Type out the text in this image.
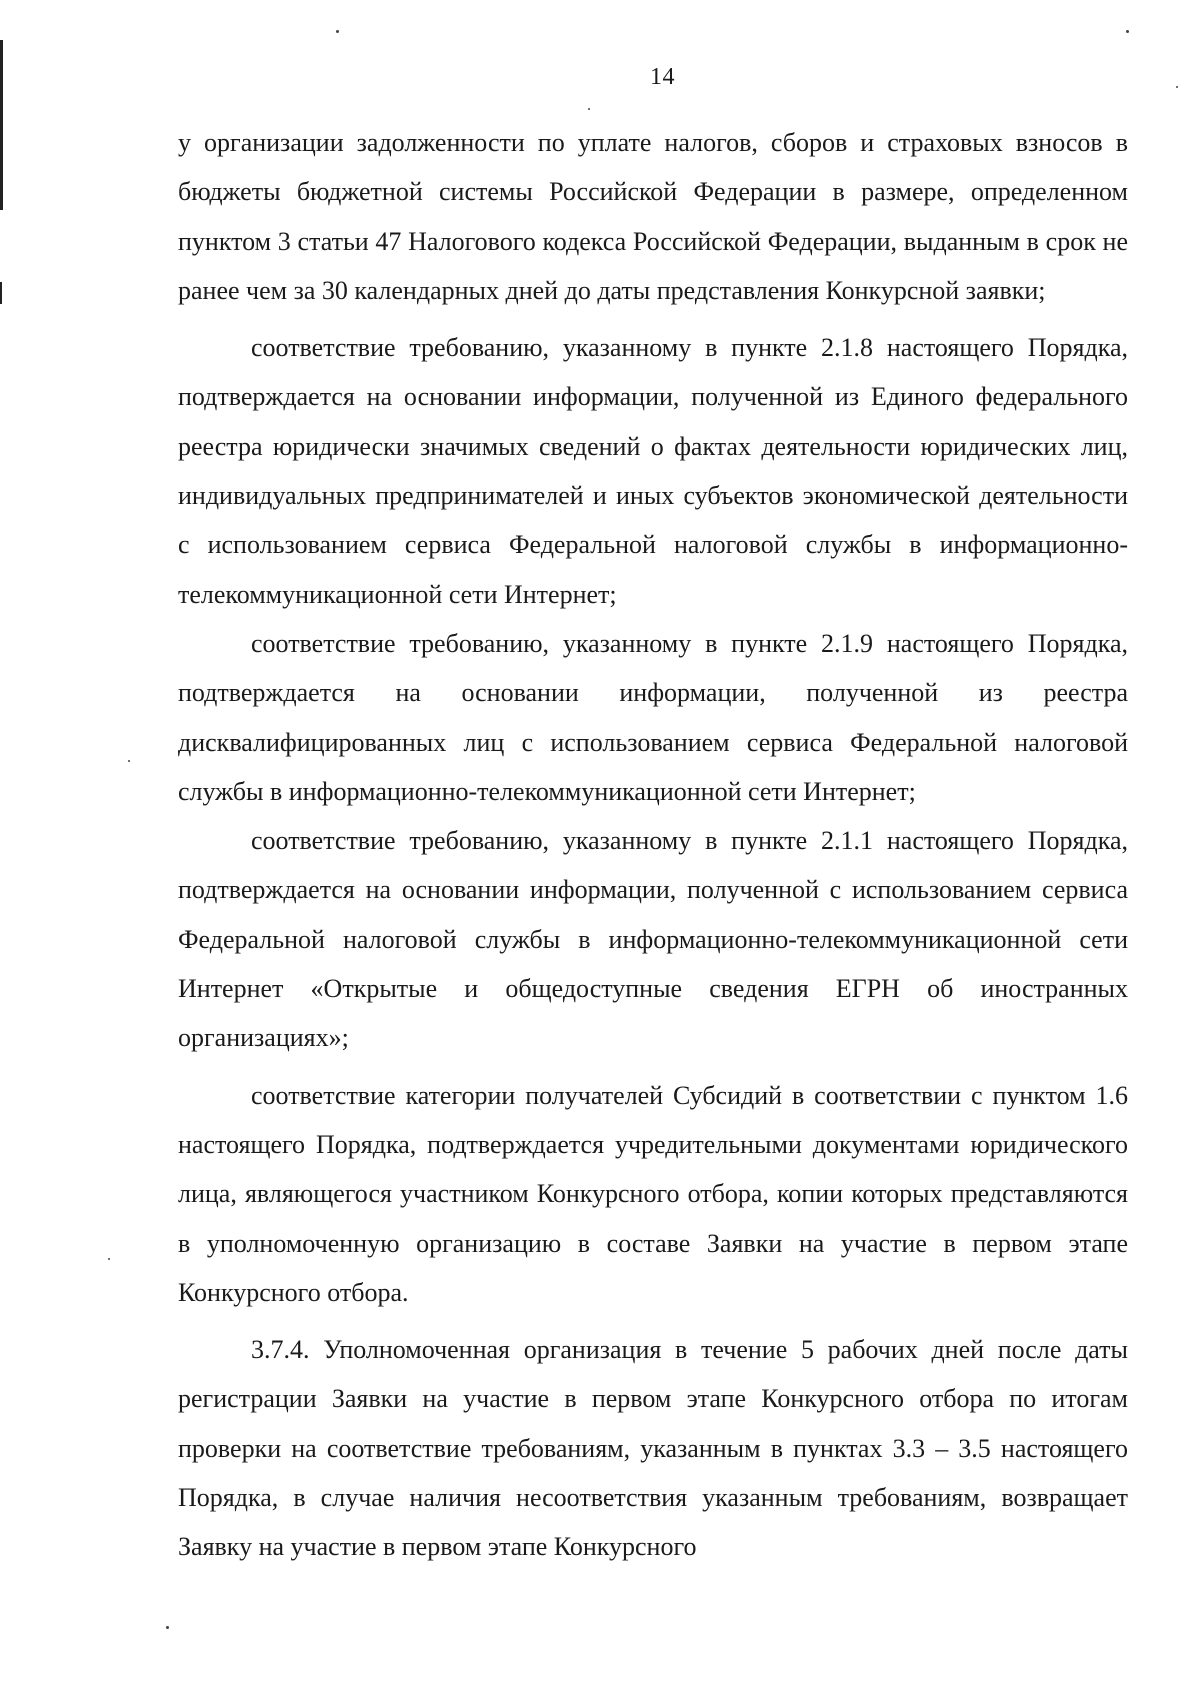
14

у организации задолженности по уплате налогов, сборов и страховых взносов в бюджеты бюджетной системы Российской Федерации в размере, определенном пунктом 3 статьи 47 Налогового кодекса Российской Федерации, выданным в срок не ранее чем за 30 календарных дней до даты представления Конкурсной заявки;

соответствие требованию, указанному в пункте 2.1.8 настоящего Порядка, подтверждается на основании информации, полученной из Единого федерального реестра юридически значимых сведений о фактах деятельности юридических лиц, индивидуальных предпринимателей и иных субъектов экономической деятельности с использованием сервиса Федеральной налоговой службы в информационно-телекоммуникационной сети Интернет;

соответствие требованию, указанному в пункте 2.1.9 настоящего Порядка, подтверждается на основании информации, полученной из реестра дисквалифицированных лиц с использованием сервиса Федеральной налоговой службы в информационно-телекоммуникационной сети Интернет;

соответствие требованию, указанному в пункте 2.1.1 настоящего Порядка, подтверждается на основании информации, полученной с использованием сервиса Федеральной налоговой службы в информационно-телекоммуникационной сети Интернет «Открытые и общедоступные сведения ЕГРН об иностранных организациях»;

соответствие категории получателей Субсидий в соответствии с пунктом 1.6 настоящего Порядка, подтверждается учредительными документами юридического лица, являющегося участником Конкурсного отбора, копии которых представляются в уполномоченную организацию в составе Заявки на участие в первом этапе Конкурсного отбора.

3.7.4. Уполномоченная организация в течение 5 рабочих дней после даты регистрации Заявки на участие в первом этапе Конкурсного отбора по итогам проверки на соответствие требованиям, указанным в пунктах 3.3 – 3.5 настоящего Порядка, в случае наличия несоответствия указанным требованиям, возвращает Заявку на участие в первом этапе Конкурсного
